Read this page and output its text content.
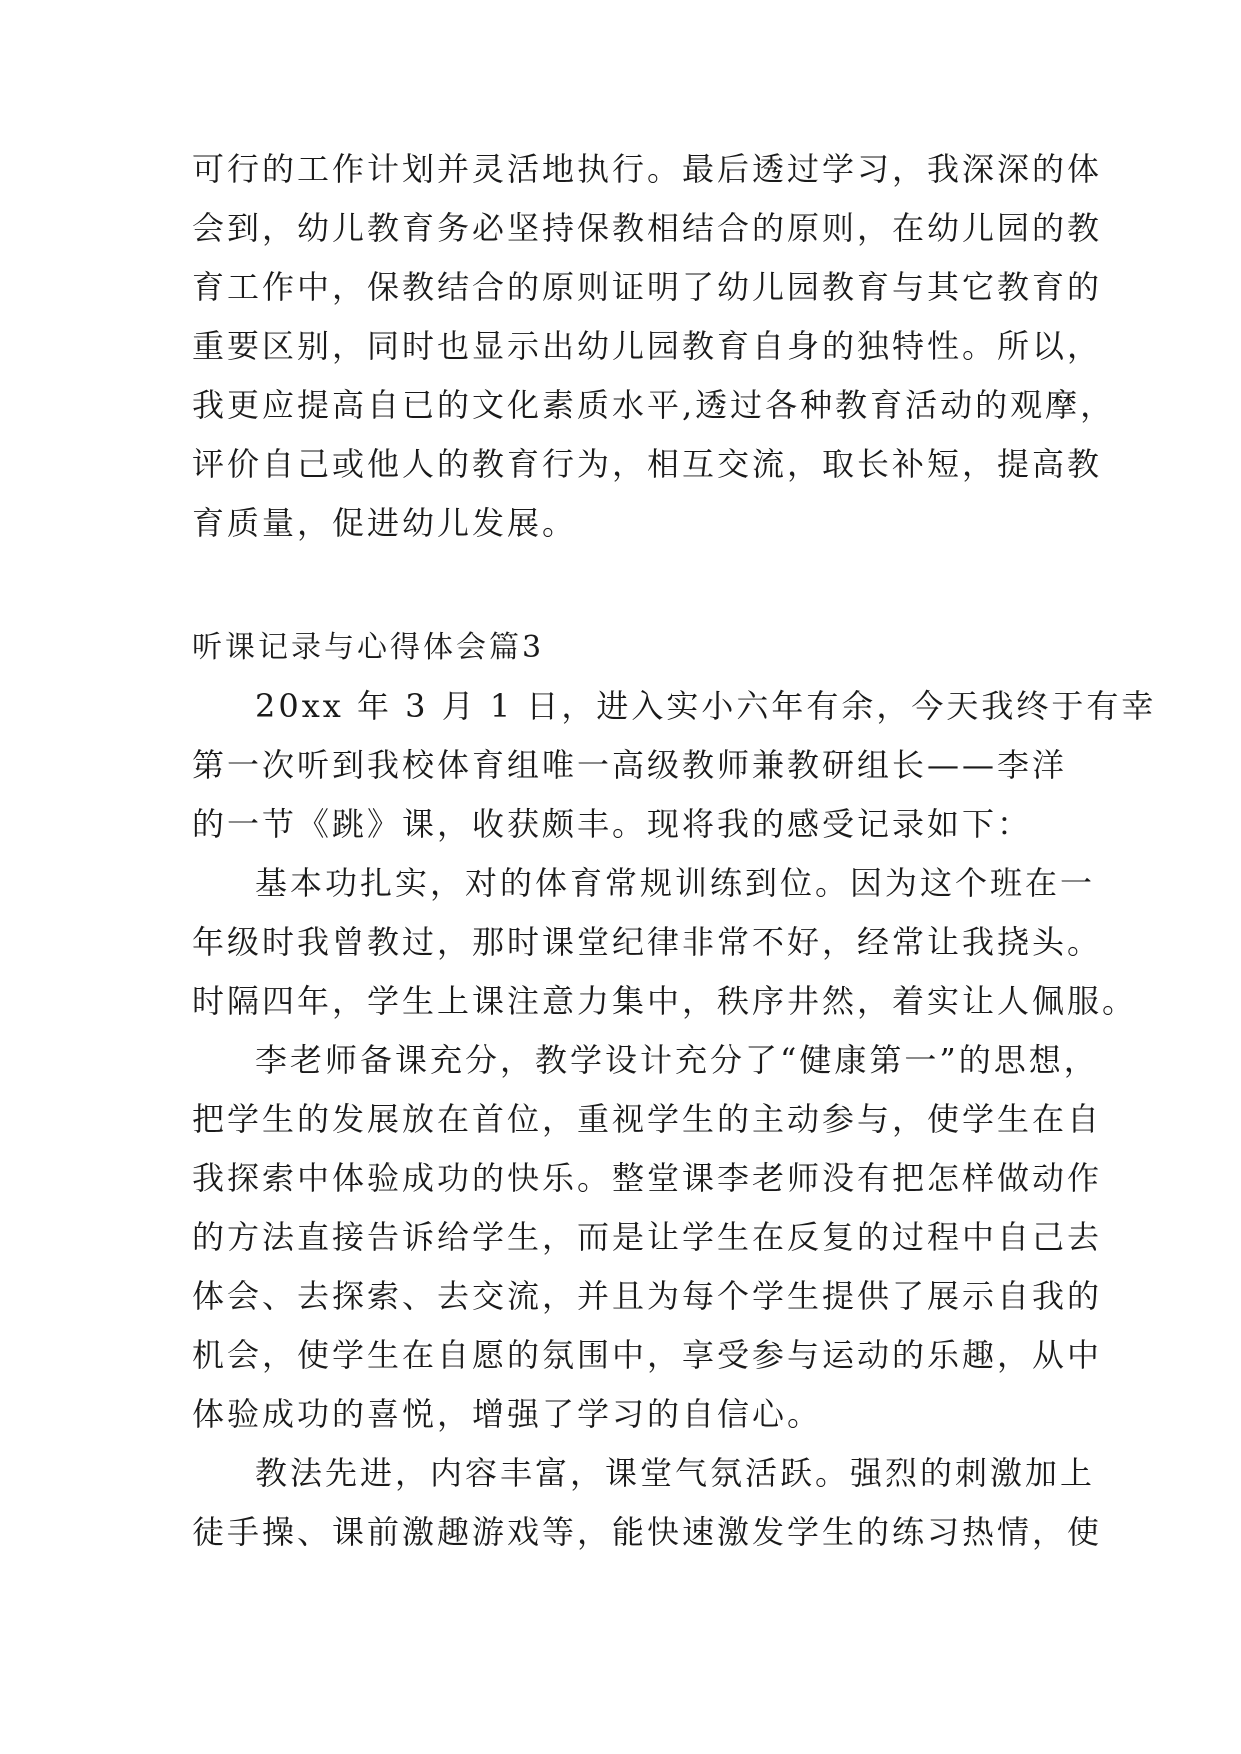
可行的工作计划并灵活地执行。最后透过学习，我深深的体
会到，幼儿教育务必坚持保教相结合的原则，在幼儿园的教
育工作中，保教结合的原则证明了幼儿园教育与其它教育的
重要区别，同时也显示出幼儿园教育自身的独特性。所以，
我更应提高自已的文化素质水平,透过各种教育活动的观摩，
评价自己或他人的教育行为，相互交流，取长补短，提高教
育质量，促进幼儿发展。
听课记录与心得体会篇3
20xx 年 3 月 1 日，进入实小六年有余，今天我终于有幸
第一次听到我校体育组唯一高级教师兼教研组长——李洋
的一节《跳》课，收获颇丰。现将我的感受记录如下：
基本功扎实，对的体育常规训练到位。因为这个班在一
年级时我曾教过，那时课堂纪律非常不好，经常让我挠头。
时隔四年，学生上课注意力集中，秩序井然，着实让人佩服。
李老师备课充分，教学设计充分了“健康第一”的思想，
把学生的发展放在首位，重视学生的主动参与，使学生在自
我探索中体验成功的快乐。整堂课李老师没有把怎样做动作
的方法直接告诉给学生，而是让学生在反复的过程中自己去
体会、去探索、去交流，并且为每个学生提供了展示自我的
机会，使学生在自愿的氛围中，享受参与运动的乐趣，从中
体验成功的喜悦，增强了学习的自信心。
教法先进，内容丰富，课堂气氛活跃。强烈的刺激加上
徒手操、课前激趣游戏等，能快速激发学生的练习热情，使
